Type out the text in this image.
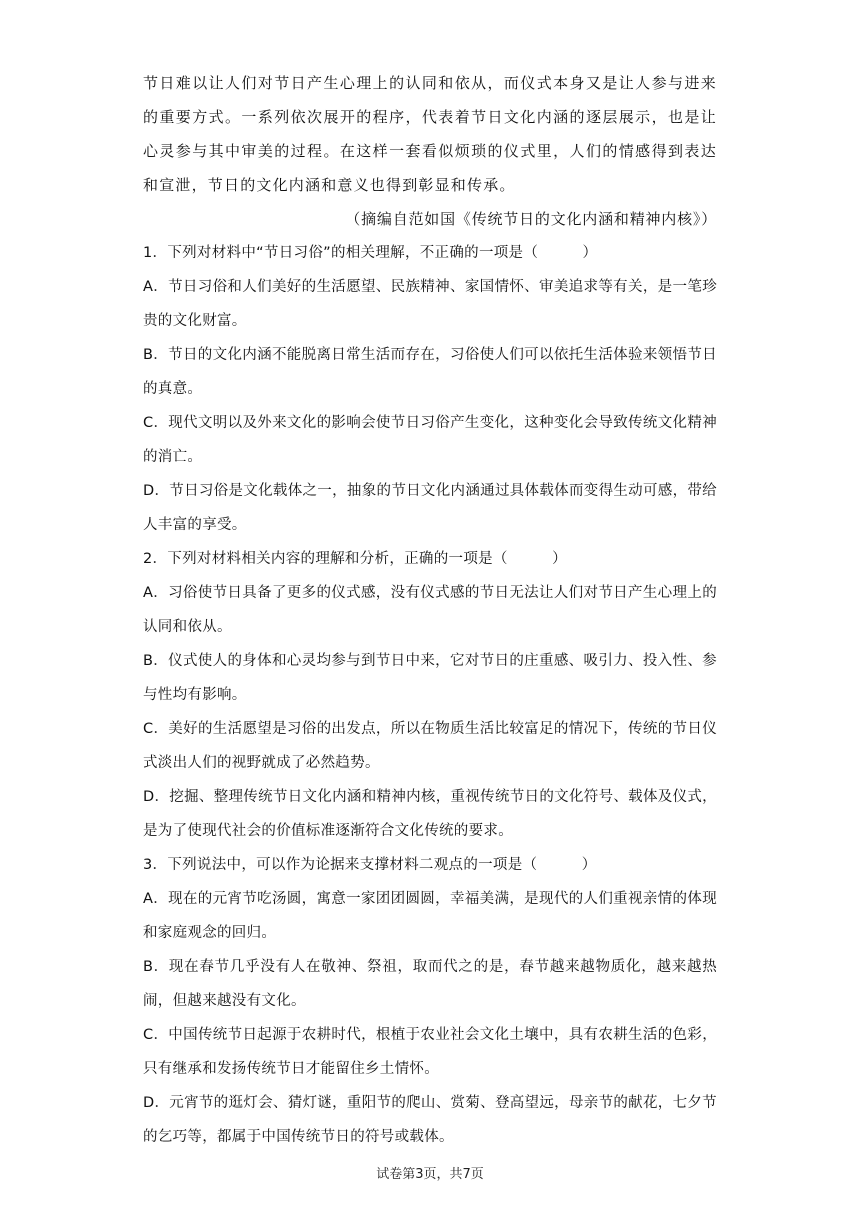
节日难以让人们对节日产生心理上的认同和依从，而仪式本身又是让人参与进来的重要方式。一系列依次展开的程序，代表着节日文化内涵的逐层展示，也是让心灵参与其中审美的过程。在这样一套看似烦琐的仪式里，人们的情感得到表达和宣泄，节日的文化内涵和意义也得到彰显和传承。

（摘编自范如国《传统节日的文化内涵和精神内核》）

1．下列对材料中“节日习俗”的相关理解，不正确的一项是（　　　）

A．节日习俗和人们美好的生活愿望、民族精神、家国情怀、审美追求等有关，是一笔珍贵的文化财富。

B．节日的文化内涵不能脱离日常生活而存在，习俗使人们可以依托生活体验来领悟节日的真意。

C．现代文明以及外来文化的影响会使节日习俗产生变化，这种变化会导致传统文化精神的消亡。

D．节日习俗是文化载体之一，抽象的节日文化内涵通过具体载体而变得生动可感，带给人丰富的享受。

2．下列对材料相关内容的理解和分析，正确的一项是（　　　）

A．习俗使节日具备了更多的仪式感，没有仪式感的节日无法让人们对节日产生心理上的认同和依从。

B．仪式使人的身体和心灵均参与到节日中来，它对节日的庄重感、吸引力、投入性、参与性均有影响。

C．美好的生活愿望是习俗的出发点，所以在物质生活比较富足的情况下，传统的节日仪式淡出人们的视野就成了必然趋势。

D．挖掘、整理传统节日文化内涵和精神内核，重视传统节日的文化符号、载体及仪式，是为了使现代社会的价值标准逐渐符合文化传统的要求。

3．下列说法中，可以作为论据来支撑材料二观点的一项是（　　　）

A．现在的元宵节吃汤圆，寓意一家团团圆圆，幸福美满，是现代的人们重视亲情的体现和家庭观念的回归。

B．现在春节几乎没有人在敬神、祭祖，取而代之的是，春节越来越物质化，越来越热闹，但越来越没有文化。

C．中国传统节日起源于农耕时代，根植于农业社会文化土壤中，具有农耕生活的色彩，只有继承和发扬传统节日才能留住乡土情怀。

D．元宵节的逛灯会、猜灯谜，重阳节的爬山、赏菊、登高望远，母亲节的献花，七夕节的乞巧等，都属于中国传统节日的符号或载体。

试卷第3页，共7页
